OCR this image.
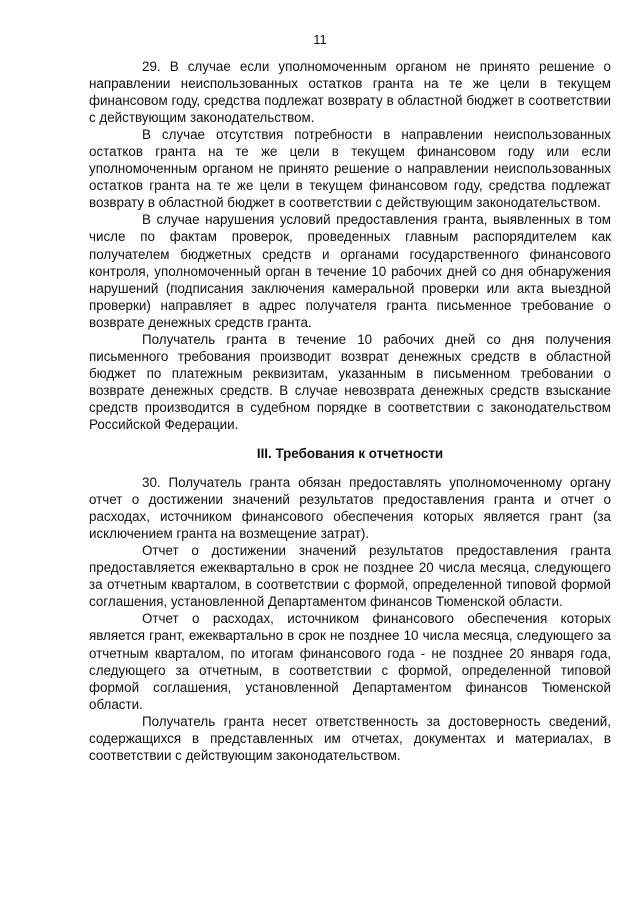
11

29. В случае если уполномоченным органом не принято решение о направлении неиспользованных остатков гранта на те же цели в текущем финансовом году, средства подлежат возврату в областной бюджет в соответствии с действующим законодательством.

В случае отсутствия потребности в направлении неиспользованных остатков гранта на те же цели в текущем финансовом году или если уполномоченным органом не принято решение о направлении неиспользованных остатков гранта на те же цели в текущем финансовом году, средства подлежат возврату в областной бюджет в соответствии с действующим законодательством.

В случае нарушения условий предоставления гранта, выявленных в том числе по фактам проверок, проведенных главным распорядителем как получателем бюджетных средств и органами государственного финансового контроля, уполномоченный орган в течение 10 рабочих дней со дня обнаружения нарушений (подписания заключения камеральной проверки или акта выездной проверки) направляет в адрес получателя гранта письменное требование о возврате денежных средств гранта.

Получатель гранта в течение 10 рабочих дней со дня получения письменного требования производит возврат денежных средств в областной бюджет по платежным реквизитам, указанным в письменном требовании о возврате денежных средств. В случае невозврата денежных средств взыскание средств производится в судебном порядке в соответствии с законодательством Российской Федерации.

III. Требования к отчетности

30. Получатель гранта обязан предоставлять уполномоченному органу отчет о достижении значений результатов предоставления гранта и отчет о расходах, источником финансового обеспечения которых является грант (за исключением гранта на возмещение затрат).

Отчет о достижении значений результатов предоставления гранта предоставляется ежеквартально в срок не позднее 20 числа месяца, следующего за отчетным кварталом, в соответствии с формой, определенной типовой формой соглашения, установленной Департаментом финансов Тюменской области.

Отчет о расходах, источником финансового обеспечения которых является грант, ежеквартально в срок не позднее 10 числа месяца, следующего за отчетным кварталом, по итогам финансового года - не позднее 20 января года, следующего за отчетным, в соответствии с формой, определенной типовой формой соглашения, установленной Департаментом финансов Тюменской области.

Получатель гранта несет ответственность за достоверность сведений, содержащихся в представленных им отчетах, документах и материалах, в соответствии с действующим законодательством.
